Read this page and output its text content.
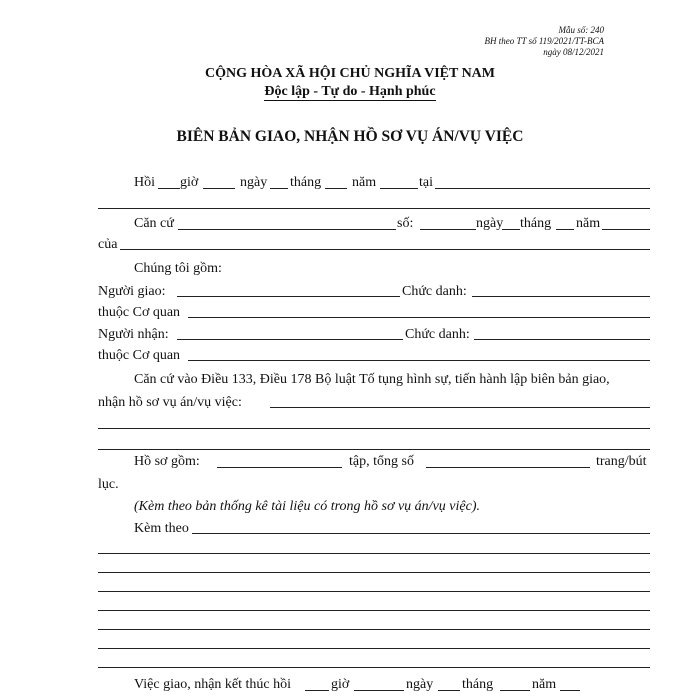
Mẫu số: 240
BH theo TT số 119/2021/TT-BCA
ngày 08/12/2021
CỘNG HÒA XÃ HỘI CHỦ NGHĨA VIỆT NAM
Độc lập - Tự do - Hạnh phúc
BIÊN BẢN GIAO, NHẬN HỒ SƠ VỤ ÁN/VỤ VIỆC
Hồi giờ	ngày tháng năm	tại
Căn cứ	số:	ngày tháng năm
của
Chúng tôi gồm:
Người giao:	Chức danh:
thuộc Cơ quan
Người nhận:	Chức danh:
thuộc Cơ quan
Căn cứ vào Điều 133, Điều 178 Bộ luật Tố tụng hình sự, tiến hành lập biên bản giao,
nhận hồ sơ vụ án/vụ việc:
Hồ sơ gồm:	tập, tổng số	trang/bút
lục.
(Kèm theo bản thống kê tài liệu có trong hồ sơ vụ án/vụ việc).
Kèm theo
Việc giao, nhận kết thúc hồi	giờ	ngày tháng	năm
